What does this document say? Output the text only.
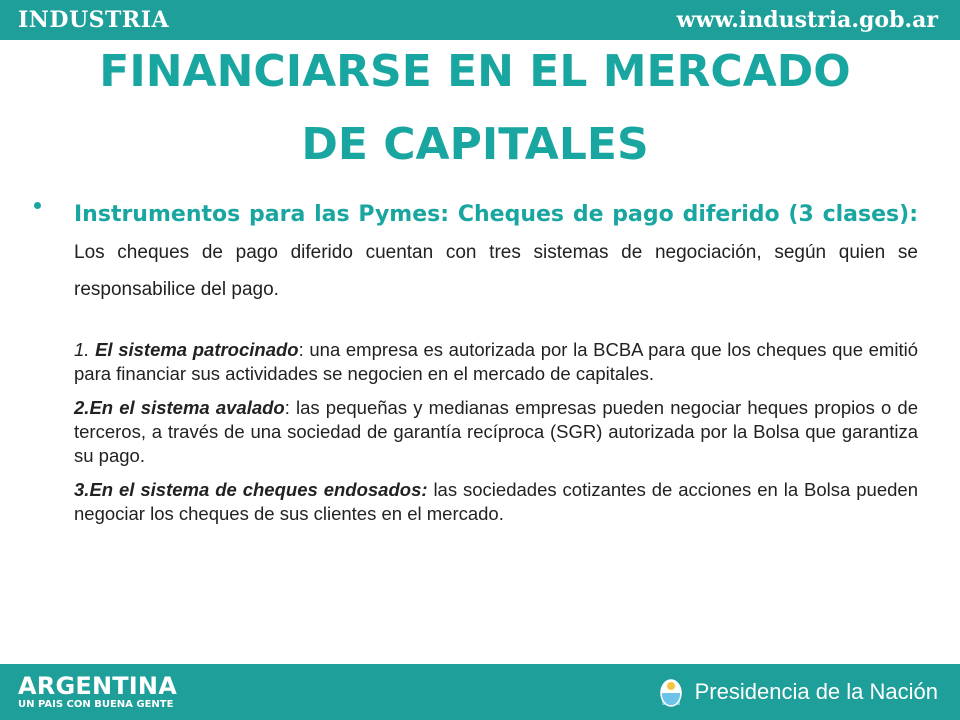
INDUSTRIA	www.industria.gob.ar
FINANCIARSE EN EL MERCADO
DE CAPITALES
Instrumentos para las Pymes: Cheques de pago diferido (3 clases): Los cheques de pago diferido cuentan con tres sistemas de negociación, según quien se responsabilice del pago.
1. El sistema patrocinado: una empresa es autorizada por la BCBA para que los cheques que emitió para financiar sus actividades se negocien en el mercado de capitales.
2.En el sistema avalado: las pequeñas y medianas empresas pueden negociar heques propios o de terceros, a través de una sociedad de garantía recíproca (SGR) autorizada por la Bolsa que garantiza su pago.
3.En el sistema de cheques endosados: las sociedades cotizantes de acciones en la Bolsa pueden negociar los cheques de sus clientes en el mercado.
ARGENTINA
UN PAIS CON BUENA GENTE
Presidencia de la Nación
